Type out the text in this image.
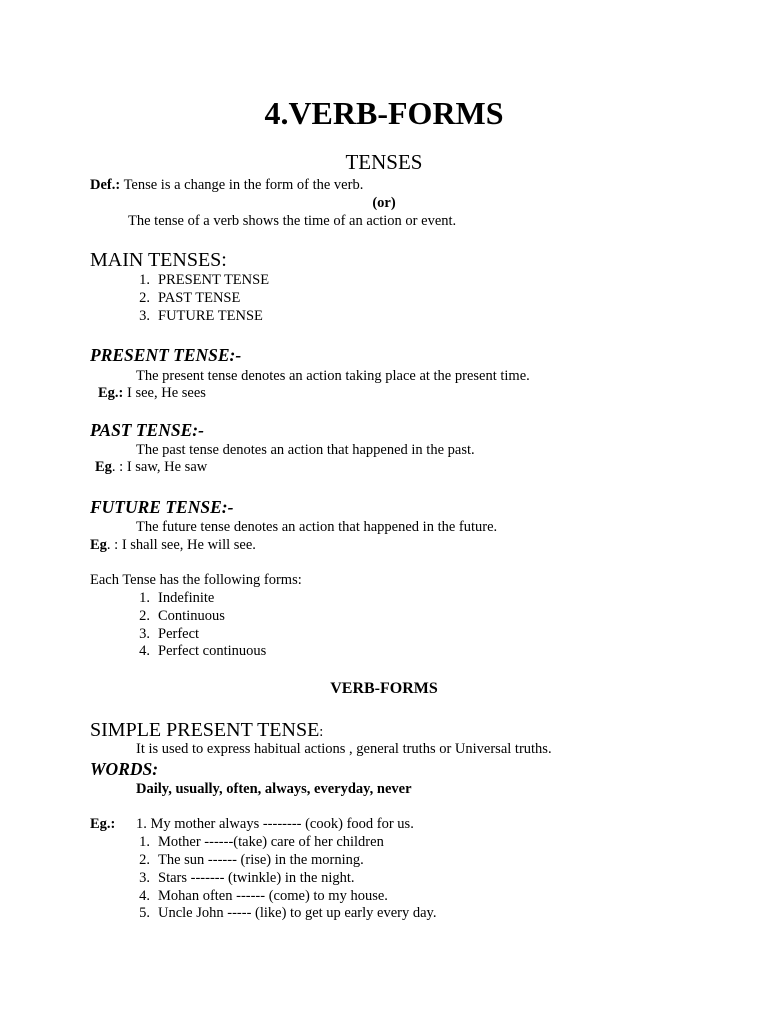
4.VERB-FORMS
TENSES
Def.: Tense is a change in the form of the verb.
(or)
The tense of a verb shows the time of an action or event.
MAIN TENSES:
1. PRESENT TENSE
2. PAST TENSE
3. FUTURE TENSE
PRESENT TENSE:-
The present tense denotes an action taking place at the present time.
Eg.: I see, He sees
PAST TENSE:-
The past tense denotes an action that happened in the past.
Eg. : I saw, He saw
FUTURE TENSE:-
The future tense denotes an action that happened in the future.
Eg. : I shall see, He will see.
Each Tense has the following forms:
1. Indefinite
2. Continuous
3. Perfect
4. Perfect continuous
VERB-FORMS
SIMPLE PRESENT TENSE:
It is used to express habitual actions , general truths or Universal truths.
WORDS:
Daily, usually, often, always, everyday, never
Eg.: 1. My mother always -------- (cook) food for us.
1. Mother ------(take) care of her children
2. The sun ------ (rise) in the morning.
3. Stars ------- (twinkle) in the night.
4. Mohan often ------ (come) to my house.
5. Uncle John ----- (like) to get up early every day.
